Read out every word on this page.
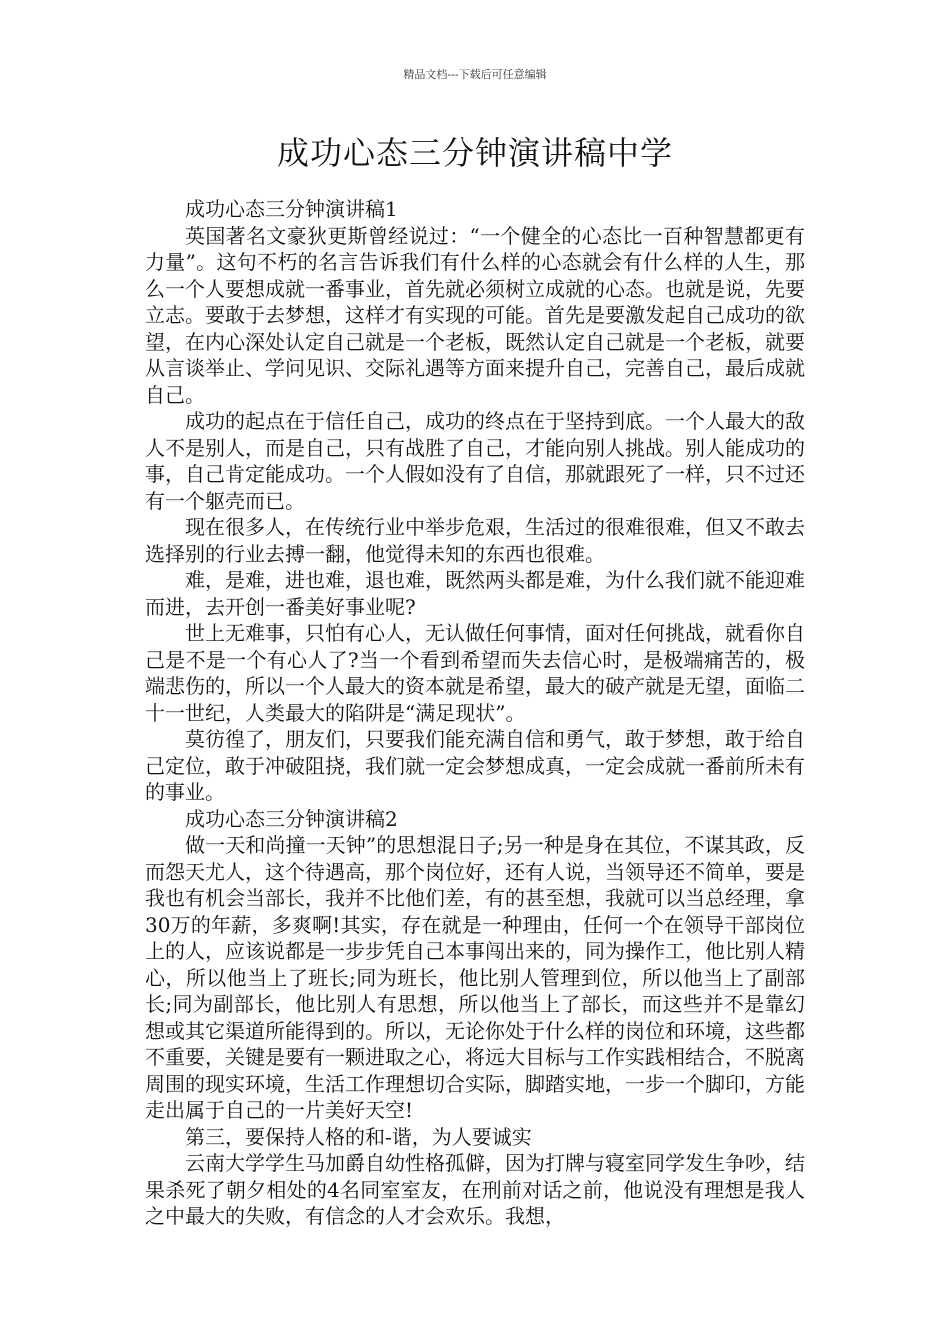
精品文档---下载后可任意编辑
成功心态三分钟演讲稿中学

成功心态三分钟演讲稿1

英国著名文豪狄更斯曾经说过：“一个健全的心态比一百种智慧都更有力量”。这句不朽的名言告诉我们有什么样的心态就会有什么样的人生，那么一个人要想成就一番事业，首先就必须树立成就的心态。也就是说，先要立志。要敢于去梦想，这样才有实现的可能。首先是要激发起自己成功的欲望，在内心深处认定自己就是一个老板，既然认定自己就是一个老板，就要从言谈举止、学问见识、交际礼遇等方面来提升自己，完善自己，最后成就自己。

成功的起点在于信任自己，成功的终点在于坚持到底。一个人最大的敌人不是别人，而是自己，只有战胜了自己，才能向别人挑战。别人能成功的事，自己肯定能成功。一个人假如没有了自信，那就跟死了一样，只不过还有一个躯壳而已。

现在很多人，在传统行业中举步危艰，生活过的很难很难，但又不敢去选择别的行业去搏一翻，他觉得未知的东西也很难。

难，是难，进也难，退也难，既然两头都是难，为什么我们就不能迎难而进，去开创一番美好事业呢?

世上无难事，只怕有心人，无认做任何事情，面对任何挑战，就看你自己是不是一个有心人了?当一个看到希望而失去信心时，是极端痛苦的，极端悲伤的，所以一个人最大的资本就是希望，最大的破产就是无望，面临二十一世纪，人类最大的陷阱是“满足现状”。

莫彷徨了，朋友们，只要我们能充满自信和勇气，敢于梦想，敢于给自己定位，敢于冲破阻挠，我们就一定会梦想成真，一定会成就一番前所未有的事业。

成功心态三分钟演讲稿2

做一天和尚撞一天钟”的思想混日子;另一种是身在其位，不谋其政，反而怨天尤人，这个待遇高，那个岗位好，还有人说，当领导还不简单，要是我也有机会当部长，我并不比他们差，有的甚至想，我就可以当总经理，拿30万的年薪，多爽啊!其实，存在就是一种理由，任何一个在领导干部岗位上的人，应该说都是一步步凭自己本事闯出来的，同为操作工，他比别人精心，所以他当上了班长;同为班长，他比别人管理到位，所以他当上了副部长;同为副部长，他比别人有思想，所以他当上了部长，而这些并不是靠幻想或其它渠道所能得到的。所以，无论你处于什么样的岗位和环境，这些都不重要，关键是要有一颗进取之心，将远大目标与工作实践相结合，不脱离周围的现实环境，生活工作理想切合实际，脚踏实地，一步一个脚印，方能走出属于自己的一片美好天空!

第三，要保持人格的和-谐，为人要诚实

云南大学学生马加爵自幼性格孤僻，因为打牌与寝室同学发生争吵，结果杀死了朝夕相处的4名同室室友，在刑前对话之前，他说没有理想是我人之中最大的失败，有信念的人才会欢乐。我想，
